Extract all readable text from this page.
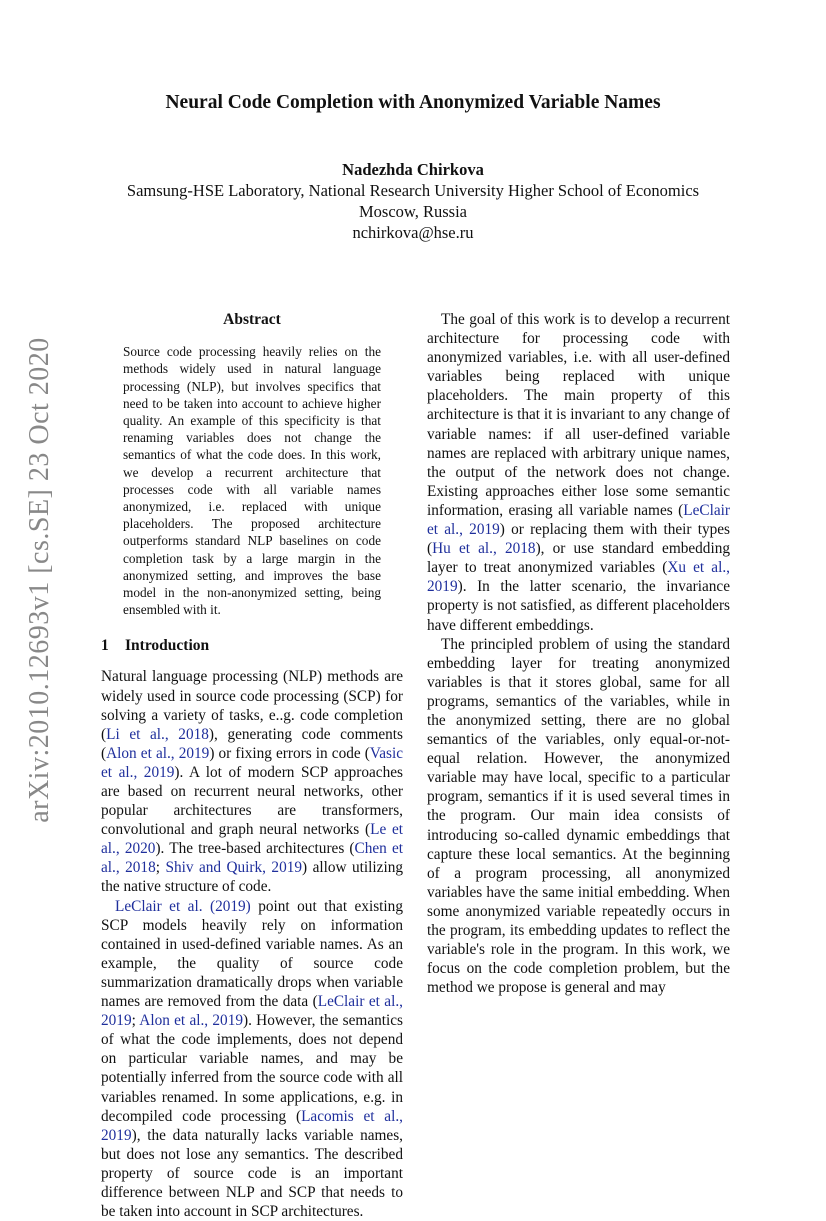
arXiv:2010.12693v1 [cs.SE] 23 Oct 2020
Neural Code Completion with Anonymized Variable Names
Nadezhda Chirkova
Samsung-HSE Laboratory, National Research University Higher School of Economics
Moscow, Russia
nchirkova@hse.ru
Abstract

Source code processing heavily relies on the methods widely used in natural language processing (NLP), but involves specifics that need to be taken into account to achieve higher quality. An example of this specificity is that renaming variables does not change the semantics of what the code does. In this work, we develop a recurrent architecture that processes code with all variable names anonymized, i.e. replaced with unique placeholders. The proposed architecture outperforms standard NLP baselines on code completion task by a large margin in the anonymized setting, and improves the base model in the non-anonymized setting, being ensembled with it.

1 Introduction

Natural language processing (NLP) methods are widely used in source code processing (SCP) for solving a variety of tasks, e..g. code completion (Li et al., 2018), generating code comments (Alon et al., 2019) or fixing errors in code (Vasic et al., 2019). A lot of modern SCP approaches are based on recurrent neural networks, other popular architectures are transformers, convolutional and graph neural networks (Le et al., 2020). The tree-based architectures (Chen et al., 2018; Shiv and Quirk, 2019) allow utilizing the native structure of code.

LeClair et al. (2019) point out that existing SCP models heavily rely on information contained in used-defined variable names. As an example, the quality of source code summarization dramatically drops when variable names are removed from the data (LeClair et al., 2019; Alon et al., 2019). However, the semantics of what the code implements, does not depend on particular variable names, and may be potentially inferred from the source code with all variables renamed. In some applications, e.g. in decompiled code processing (Lacomis et al., 2019), the data naturally lacks variable names, but does not lose any semantics. The described property of source code is an important difference between NLP and SCP that needs to be taken into account in SCP architectures.

The goal of this work is to develop a recurrent architecture for processing code with anonymized variables, i.e. with all user-defined variables being replaced with unique placeholders. The main property of this architecture is that it is invariant to any change of variable names: if all user-defined variable names are replaced with arbitrary unique names, the output of the network does not change. Existing approaches either lose some semantic information, erasing all variable names (LeClair et al., 2019) or replacing them with their types (Hu et al., 2018), or use standard embedding layer to treat anonymized variables (Xu et al., 2019). In the latter scenario, the invariance property is not satisfied, as different placeholders have different embeddings.

The principled problem of using the standard embedding layer for treating anonymized variables is that it stores global, same for all programs, semantics of the variables, while in the anonymized setting, there are no global semantics of the variables, only equal-or-not-equal relation. However, the anonymized variable may have local, specific to a particular program, semantics if it is used several times in the program. Our main idea consists of introducing so-called dynamic embeddings that capture these local semantics. At the beginning of a program processing, all anonymized variables have the same initial embedding. When some anonymized variable repeatedly occurs in the program, its embedding updates to reflect the variable's role in the program. In this work, we focus on the code completion problem, but the method we propose is general and may
